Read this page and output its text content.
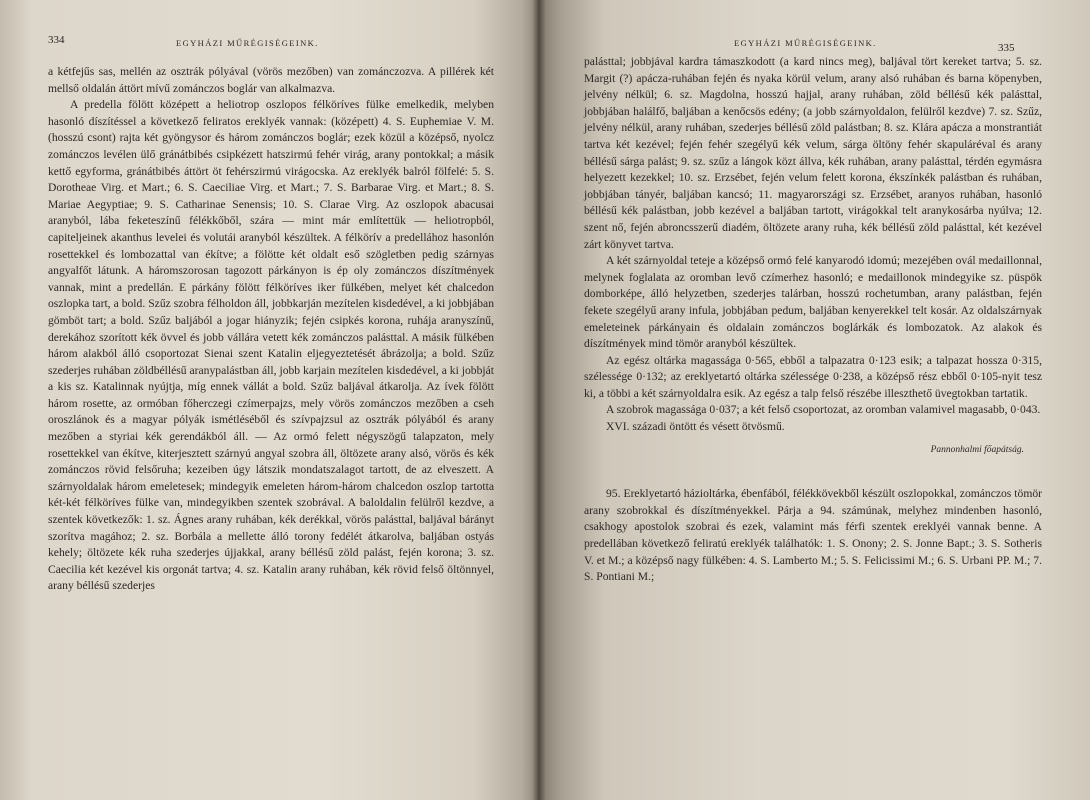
334	EGYHÁZI MŰRÉGISÉGEINK.

a kétfejűs sas, mellén az osztrák pólyával (vörös mezőben) van zománczozva. A pillérek két mellső oldalán áttört mívű zománczos boglár van alkalmazva.

A predella fölött középett a heliotrop oszlopos félköríves fülke emelkedik, melyben hasonló díszítéssel a következő feliratos ereklyék vannak: (középett) 4. S. Euphemiae V. M. (hosszú csont) rajta két gyöngysor és három zománczos boglár; ezek közül a középső, nyolcz zománczos levélen ülő gránátbibés csipkézett hatszirmú fehér virág, arany pontokkal; a másik kettő egyforma, gránátbibés áttört öt fehérszirmú virágocska. Az ereklyék balról fölfelé: 5. S. Dorotheae Virg. et Mart.; 6. S. Caeciliae Virg. et Mart.; 7. S. Barbarae Virg. et Mart.; 8. S. Mariae Aegyptiae; 9. S. Catharinae Senensis; 10. S. Clarae Virg. Az oszlopok abacusai aranyból, lába feketeszínű félékkőből, szára — mint már említettük — heliotropból, capiteljeinek akanthus levelei és volutái aranyból készültek. A félkörív a predellához hasonlón rosettekkel és lombozattal van ékítve; a fölötte két oldalt eső szögletben pedig szárnyas angyalfőt látunk. A háromszorosan tagozott párkányon is ép oly zománczos díszítmények vannak, mint a predellán. E párkány fölött félköríves iker fülkében, melyet két chalcedon oszlopka tart, a bold. Szűz szobra félholdon áll, jobbkarján mezítelen kisdedével, a ki jobbjában gömböt tart; a bold. Szűz baljából a jogar hiányzik; fején csipkés korona, ruhája aranyszínű, derekához szorított kék övvel és jobb vállára vetett kék zománczos palásttal. A másik fülkében három alakból álló csoportozat Sienai szent Katalin eljegyeztetését ábrázolja; a bold. Szűz szederjes ruhában zöldbéllésű aranypalástban áll, jobb karjain mezítelen kisdedével, a ki jobbját a kis sz. Katalinnak nyújtja, míg ennek vállát a bold. Szűz baljával átkarolja. Az ívek fölött három rosette, az ormóban főherczegi czímerpajzs, mely vörös zománczos mezőben a cseh oroszlánok és a magyar pólyák ismétléséből és szívpajzsul az osztrák pólyából és arany mezőben a styriai kék gerendákból áll. — Az ormó felett négyszögű talapzaton, mely rosettekkel van ékítve, kiterjesztett szárnyú angyal szobra áll, öltözete arany alsó, vörös és kék zománczos rövid felsőruha; kezeiben úgy látszik mondatszalagot tartott, de az elveszett. A szárnyoldalak három emeletesek; mindegyik emeleten három-három chalcedon oszlop tartotta két-két félköríves fülke van, mindegyikben szentek szobrával. A baloldalin felülről kezdve, a szentek következők: 1. sz. Ágnes arany ruhában, kék derékkal, vörös palásttal, baljával bárányt szorítva magához; 2. sz. Borbála a mellette álló torony fedélét átkarolva, baljában ostyás kehely; öltözete kék ruha szederjes újjakkal, arany béllésű zöld palást, fején korona; 3. sz. Caecilia két kezével kis orgonát tartva; 4. sz. Katalin arany ruhában, kék rövid felső öltönnyel, arany béllésű szederjes

EGYHÁZI MŰRÉGISÉGEINK.	335

palásttal; jobbjával kardra támaszkodott (a kard nincs meg), baljával tört kereket tartva; 5. sz. Margit (?) apácza-ruhában fején és nyaka körül velum, arany alsó ruhában és barna köpenyben, jelvény nélkül; 6. sz. Magdolna, hosszú hajjal, arany ruhában, zöld béllésű kék palásttal, jobbjában halálfő, baljában a kenőcsös edény; (a jobb szárnyoldalon, felülről kezdve) 7. sz. Szűz, jelvény nélkül, arany ruhában, szederjes béllésű zöld palástban; 8. sz. Klára apácza a monstrantiát tartva két kezével; fején fehér szegélyű kék velum, sárga öltöny fehér skapuláréval és arany béllésű sárga palást; 9. sz. szűz a lángok közt állva, kék ruhában, arany palásttal, térdén egymásra helyezett kezekkel; 10. sz. Erzsébet, fején velum felett korona, ékszínkék palástban és ruhában, jobbjában tányér, baljában kancsó; 11. magyarországi sz. Erzsébet, aranyos ruhában, hasonló béllésű kék palástban, jobb kezével a baljában tartott, virágokkal telt aranykosárba nyúlva; 12. szent nő, fején abroncsszerű diadém, öltözete arany ruha, kék béllésű zöld palásttal, két kezével zárt könyvet tartva.

A két szárnyoldal teteje a középső ormó felé kanyarodó idomú; mezejében ovál medaillonnal, melynek foglalata az oromban levő czímerhez hasonló; e medaillonok mindegyike sz. püspök domborképe, álló helyzetben, szederjes talárban, hosszú rochetumban, arany palástban, fején fekete szegélyű arany infula, jobbjában pedum, baljában kenyerekkel telt kosár. Az oldalszárnyak emeleteinek párkányain és oldalain zománczos boglárkák és lombozatok. Az alakok és díszítmények mind tömör aranyból készültek.

Az egész oltárka magassága 0·565, ebből a talpazatra 0·123 esik; a talpazat hossza 0·315, szélessége 0·132; az ereklyetartó oltárka szélessége 0·238, a középső rész ebből 0·105-nyit tesz ki, a többi a két szárnyoldalra esik. Az egész a talp felső részébe illeszthető üvegtokban tartatik.

A szobrok magassága 0·037; a két felső csoportozat, az oromban valamivel magasabb, 0·043.

XVI. századi öntött és vésett ötvösmű.

Pannonhalmi főapátság.

95. Ereklyetartó házioltárka, ébenfából, félékkövekből készült oszlopokkal, zománczos tömör arany szobrokkal és díszítményekkel. Párja a 94. számúnak, melyhez mindenben hasonló, csakhogy apostolok szobrai és ezek, valamint más férfi szentek ereklyéi vannak benne. A predellában következő feliratú ereklyék találhatók: 1. S. Onony; 2. S. Jonne Bapt.; 3. S. Sotheris V. et M.; a középső nagy fülkében: 4. S. Lamberto M.; 5. S. Felicissimi M.; 6. S. Urbani PP. M.; 7. S. Pontiani M.;
